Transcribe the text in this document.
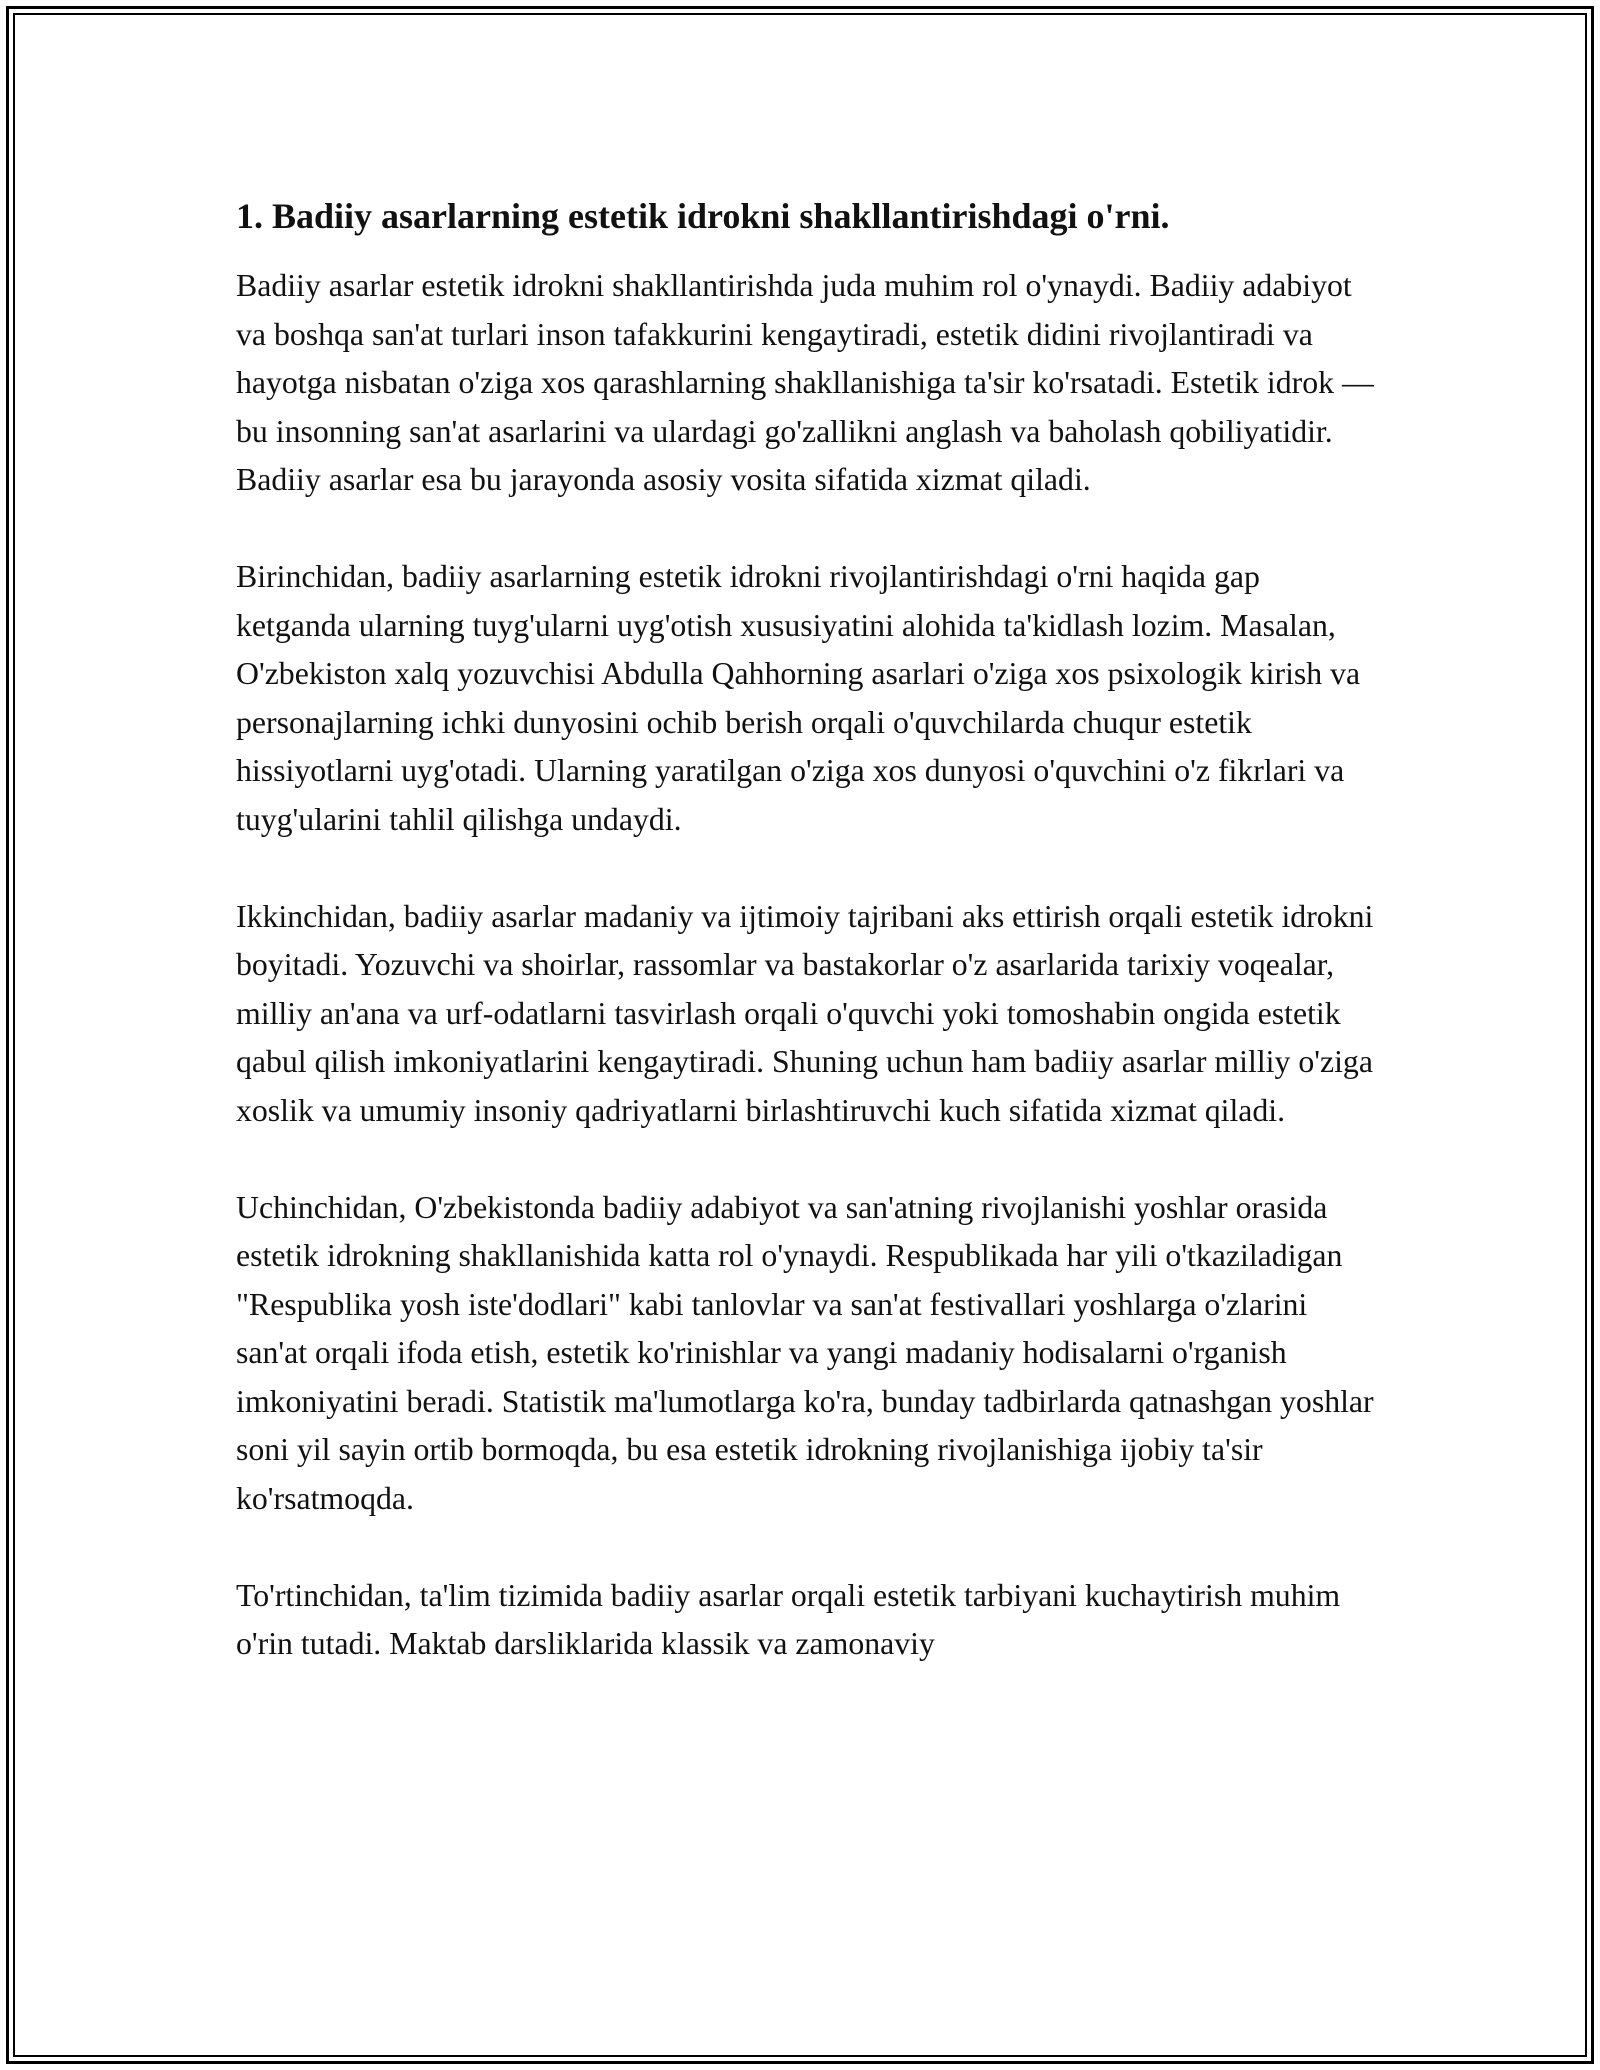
1. Badiiy asarlarning estetik idrokni shakllantirishdagi o'rni.

Badiiy asarlar estetik idrokni shakllantirishda juda muhim rol o'ynaydi. Badiiy adabiyot va boshqa san'at turlari inson tafakkurini kengaytiradi, estetik didini rivojlantiradi va hayotga nisbatan o'ziga xos qarashlarning shakllanishiga ta'sir ko'rsatadi. Estetik idrok — bu insonning san'at asarlarini va ulardagi go'zallikni anglash va baholash qobiliyatidir. Badiiy asarlar esa bu jarayonda asosiy vosita sifatida xizmat qiladi.

Birinchidan, badiiy asarlarning estetik idrokni rivojlantirishdagi o'rni haqida gap ketganda ularning tuyg'ularni uyg'otish xususiyatini alohida ta'kidlash lozim. Masalan, O'zbekiston xalq yozuvchisi Abdulla Qahhorning asarlari o'ziga xos psixologik kirish va personajlarning ichki dunyosini ochib berish orqali o'quvchilarda chuqur estetik hissiyotlarni uyg'otadi. Ularning yaratilgan o'ziga xos dunyosi o'quvchini o'z fikrlari va tuyg'ularini tahlil qilishga undaydi.

Ikkinchidan, badiiy asarlar madaniy va ijtimoiy tajribani aks ettirish orqali estetik idrokni boyitadi. Yozuvchi va shoirlar, rassomlar va bastakorlar o'z asarlarida tarixiy voqealar, milliy an'ana va urf-odatlarni tasvirlash orqali o'quvchi yoki tomoshabin ongida estetik qabul qilish imkoniyatlarini kengaytiradi. Shuning uchun ham badiiy asarlar milliy o'ziga xoslik va umumiy insoniy qadriyatlarni birlashtiruvchi kuch sifatida xizmat qiladi.

Uchinchidan, O'zbekistonda badiiy adabiyot va san'atning rivojlanishi yoshlar orasida estetik idrokning shakllanishida katta rol o'ynaydi. Respublikada har yili o'tkaziladigan "Respublika yosh iste'dodlari" kabi tanlovlar va san'at festivallari yoshlarga o'zlarini san'at orqali ifoda etish, estetik ko'rinishlar va yangi madaniy hodisalarni o'rganish imkoniyatini beradi. Statistik ma'lumotlarga ko'ra, bunday tadbirlarda qatnashgan yoshlar soni yil sayin ortib bormoqda, bu esa estetik idrokning rivojlanishiga ijobiy ta'sir ko'rsatmoqda.

To'rtinchidan, ta'lim tizimida badiiy asarlar orqali estetik tarbiyani kuchaytirish muhim o'rin tutadi. Maktab darsliklarida klassik va zamonaviy
